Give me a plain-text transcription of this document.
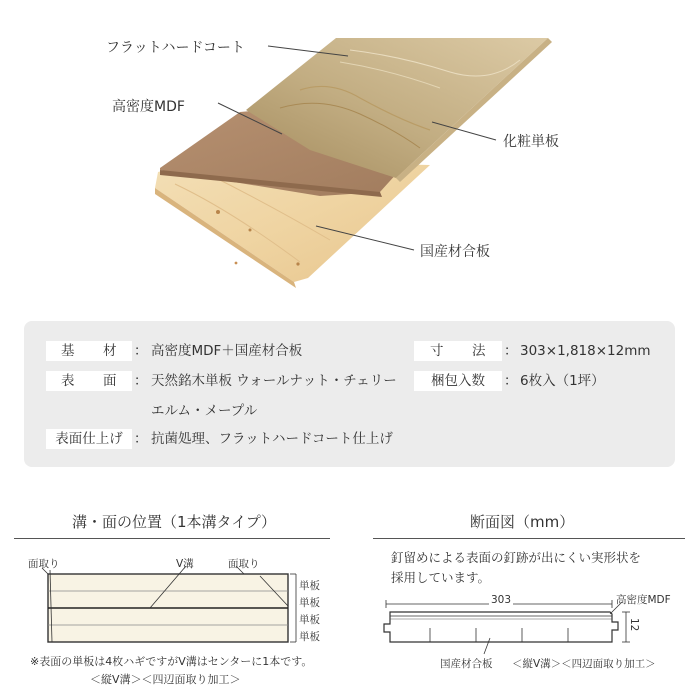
フラットハードコート
高密度MDF
化粧単板
国産材合板
基　　材	： 高密度MDF＋国産材合板
表　　面	： 天然銘木単板 ウォールナット・チェリー
エルム・メープル
表面仕上げ ： 抗菌処理、フラットハードコート仕上げ
寸　　法	： 303×1,818×12mm
梱包入数	： 6枚入（1坪）
溝・面の位置（1本溝タイプ）
面取り	V溝	面取り
単板
単板
単板
単板
※表面の単板は4枚ハギですがV溝はセンターに1本です。
＜縦V溝＞＜四辺面取り加工＞
断面図（mm）
釘留めによる表面の釘跡が出にくい実形状を
採用しています。
303
12
高密度MDF
国産材合板 ＜縦V溝＞＜四辺面取り加工＞
